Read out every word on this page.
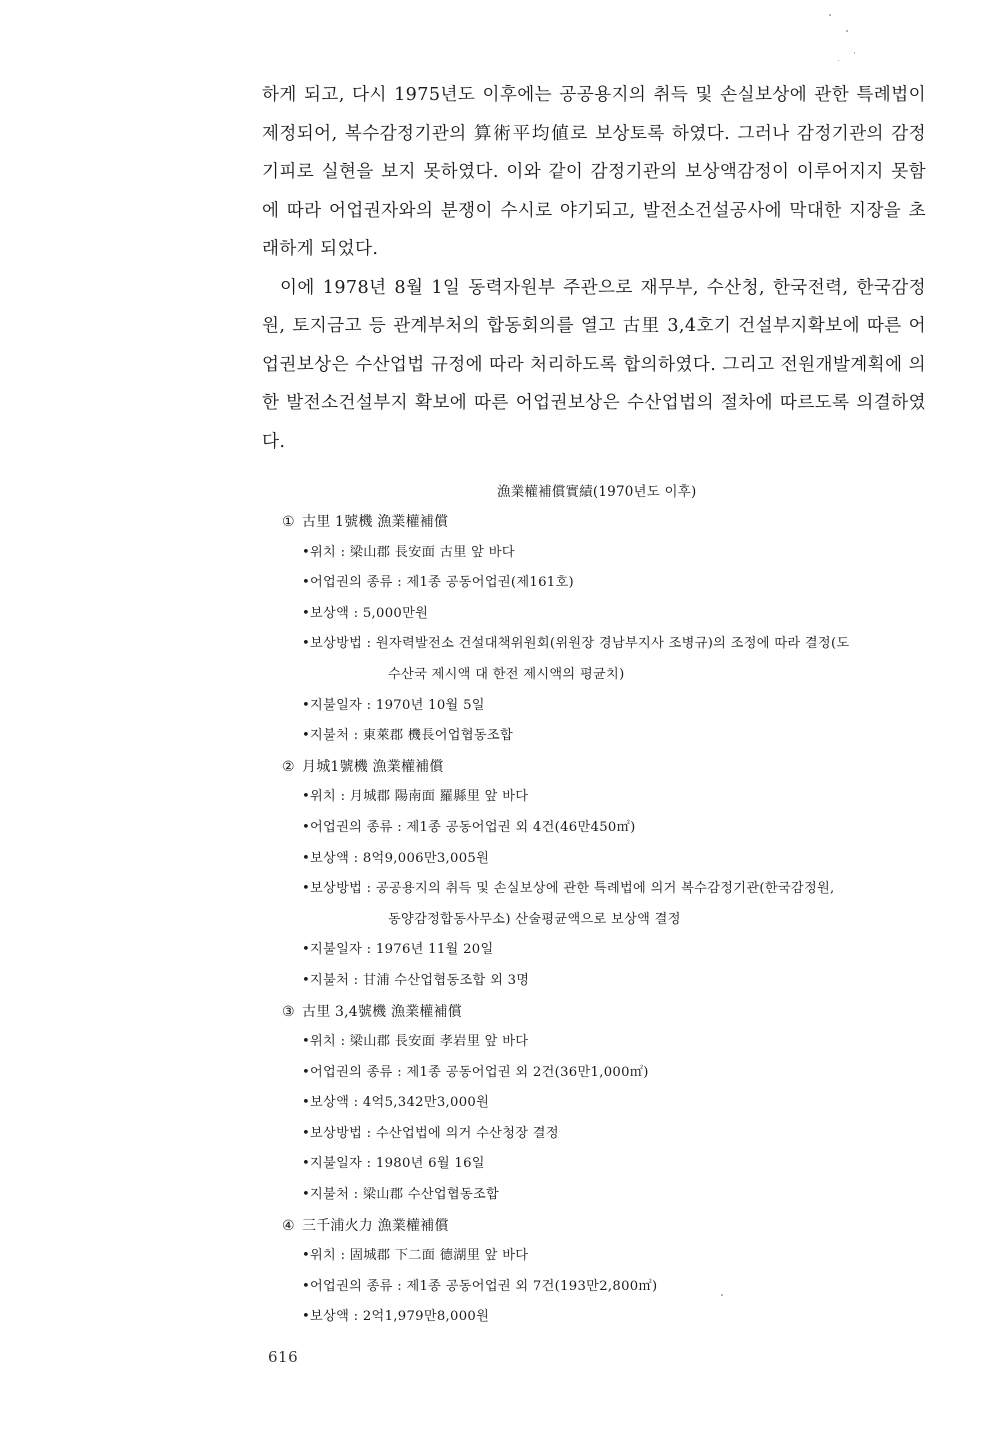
하게 되고, 다시 1975년도 이후에는 공공용지의 취득 및 손실보상에 관한 특례법이 제정되어, 복수감정기관의 算術平均値로 보상토록 하였다. 그러나 감정기관의 감정 기피로 실현을 보지 못하였다. 이와 같이 감정기관의 보상액감정이 이루어지지 못함에 따라 어업권자와의 분쟁이 수시로 야기되고, 발전소건설공사에 막대한 지장을 초래하게 되었다.

이에 1978년 8월 1일 동력자원부 주관으로 재무부, 수산청, 한국전력, 한국감정원, 토지금고 등 관계부처의 합동회의를 열고 古里 3,4호기 건설부지확보에 따른 어업권보상은 수산업법 규정에 따라 처리하도록 합의하였다. 그리고 전원개발계획에 의한 발전소건설부지 확보에 따른 어업권보상은 수산업법의 절차에 따르도록 의결하였다.

漁業權補償實績(1970년도 이후)
① 古里 1號機 漁業權補償
•위치 : 梁山郡 長安面 古里 앞 바다
•어업권의 종류 : 제1종 공동어업권(제161호)
•보상액 : 5,000만원
•보상방법 : 원자력발전소 건설대책위원회(위원장 경남부지사 조병규)의 조정에 따라 결정(도
수산국 제시액 대 한전 제시액의 평균치)
•지불일자 : 1970년 10월 5일
•지불처 : 東萊郡 機長어업협동조합
② 月城1號機 漁業權補償
•위치 : 月城郡 陽南面 羅縣里 앞 바다
•어업권의 종류 : 제1종 공동어업권 외 4건(46만450㎡)
•보상액 : 8억9,006만3,005원
•보상방법 : 공공용지의 취득 및 손실보상에 관한 특례법에 의거 복수감정기관(한국감정원,
동양감정합동사무소) 산술평균액으로 보상액 결정
•지불일자 : 1976년 11월 20일
•지불처 : 甘浦 수산업협동조합 외 3명
③ 古里 3,4號機 漁業權補償
•위치 : 梁山郡 長安面 孝岩里 앞 바다
•어업권의 종류 : 제1종 공동어업권 외 2건(36만1,000㎡)
•보상액 : 4억5,342만3,000원
•보상방법 : 수산업법에 의거 수산청장 결정
•지불일자 : 1980년 6월 16일
•지불처 : 梁山郡 수산업협동조합
④ 三千浦火力 漁業權補償
•위치 : 固城郡 下二面 德湖里 앞 바다
•어업권의 종류 : 제1종 공동어업권 외 7건(193만2,800㎡)
•보상액 : 2억1,979만8,000원
616
